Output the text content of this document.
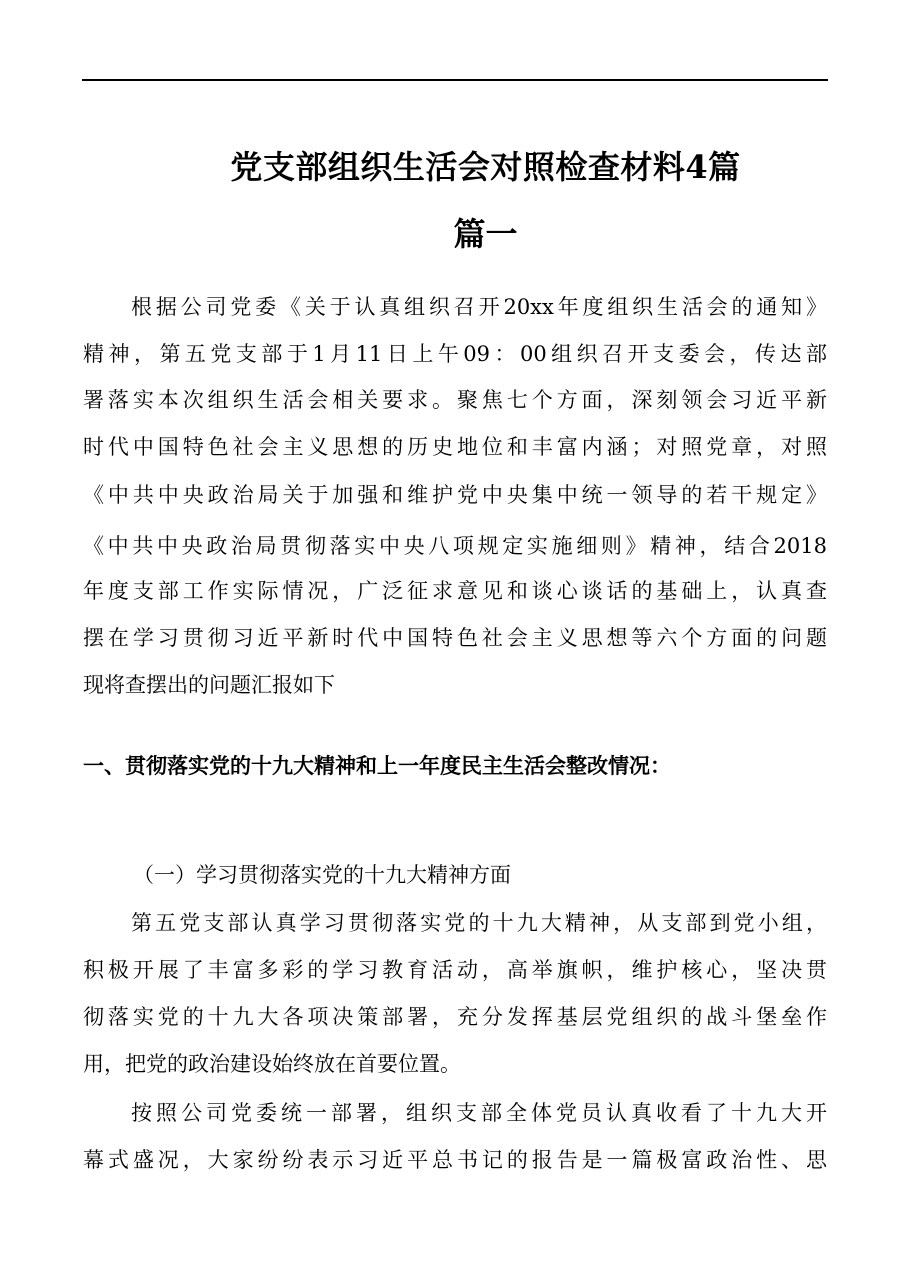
党支部组织生活会对照检查材料4篇
篇一
根据公司党委《关于认真组织召开20xx年度组织生活会的通知》
精神，第五党支部于1月11日上午09：00组织召开支委会，传达部
署落实本次组织生活会相关要求。聚焦七个方面，深刻领会习近平新
时代中国特色社会主义思想的历史地位和丰富内涵；对照党章，对照
《中共中央政治局关于加强和维护党中央集中统一领导的若干规定》
《中共中央政治局贯彻落实中央八项规定实施细则》精神，结合2018
年度支部工作实际情况，广泛征求意见和谈心谈话的基础上，认真查
摆在学习贯彻习近平新时代中国特色社会主义思想等六个方面的问题
现将查摆出的问题汇报如下
一、贯彻落实党的十九大精神和上一年度民主生活会整改情况：
（一）学习贯彻落实党的十九大精神方面
第五党支部认真学习贯彻落实党的十九大精神，从支部到党小组，
积极开展了丰富多彩的学习教育活动，高举旗帜，维护核心，坚决贯
彻落实党的十九大各项决策部署，充分发挥基层党组织的战斗堡垒作
用，把党的政治建设始终放在首要位置。
按照公司党委统一部署，组织支部全体党员认真收看了十九大开
幕式盛况，大家纷纷表示习近平总书记的报告是一篇极富政治性、思
